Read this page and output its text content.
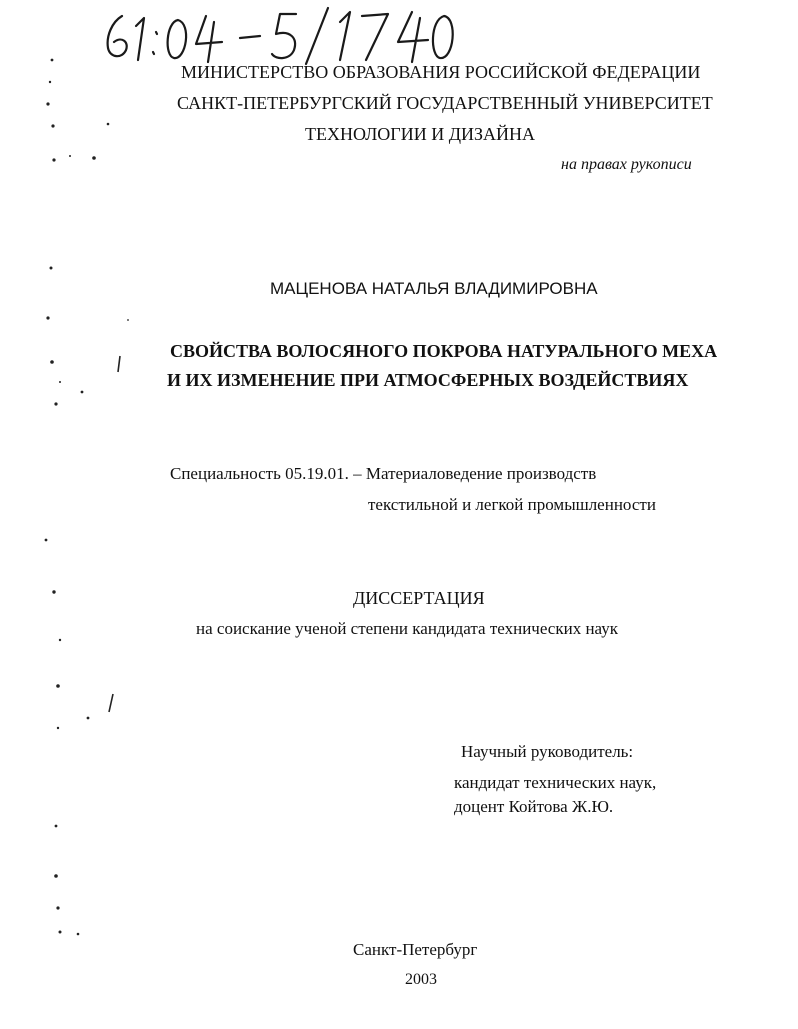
МИНИСТЕРСТВО ОБРАЗОВАНИЯ РОССИЙСКОЙ ФЕДЕРАЦИИ

САНКТ-ПЕТЕРБУРГСКИЙ ГОСУДАРСТВЕННЫЙ УНИВЕРСИТЕТ

ТЕХНОЛОГИИ И ДИЗАЙНА

на правах рукописи

МАЦЕНОВА НАТАЛЬЯ ВЛАДИМИРОВНА

СВОЙСТВА ВОЛОСЯНОГО ПОКРОВА НАТУРАЛЬНОГО МЕХА

И ИХ ИЗМЕНЕНИЕ ПРИ АТМОСФЕРНЫХ ВОЗДЕЙСТВИЯХ

Специальность 05.19.01. – Материаловедение производств

текстильной и легкой промышленности

ДИССЕРТАЦИЯ

на соискание ученой степени кандидата технических наук

Научный руководитель:

кандидат технических наук,

доцент Койтова Ж.Ю.

Санкт-Петербург

2003
